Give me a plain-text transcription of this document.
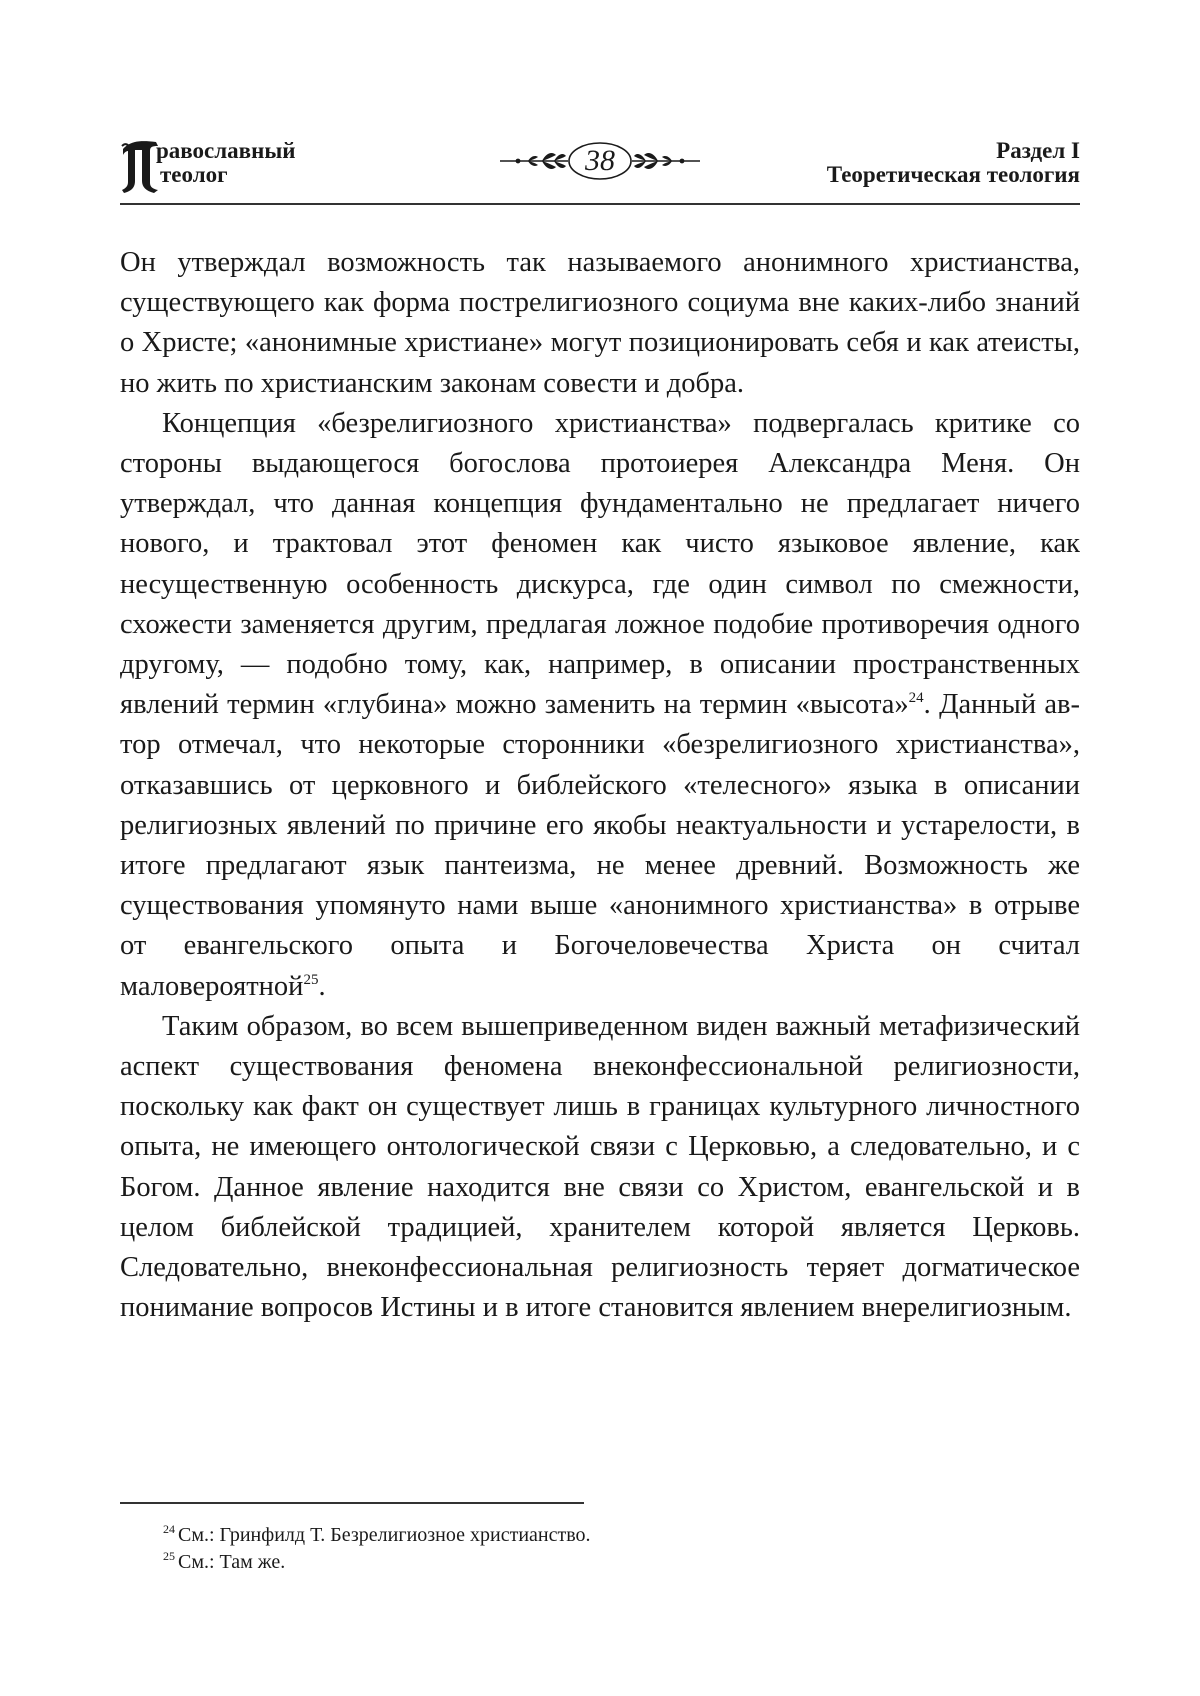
равославный
теолог	38	Раздел I
Теоретическая теология

Он утверждал возможность так называемого анонимного христианства, существующего как форма пострелигиозного социума вне каких-либо знаний о Христе; «анонимные христиане» могут позиционировать себя и как атеисты, но жить по христианским законам совести и добра.

Концепция «безрелигиозного христианства» подвергалась критике со стороны выдающегося богослова протоиерея Александра Меня. Он утверждал, что данная концепция фундаментально не предлагает ничего нового, и трактовал этот феномен как чисто языковое явление, как несущественную особенность дискурса, где один символ по смежности, схожести заменяется другим, предлагая ложное подобие противоречия одного другому, — подобно тому, как, например, в описании пространственных явлений термин «глубина» можно заменить на термин «высота»$^{24}$. Данный автор отмечал, что некоторые сторонники «безрелигиозного христианства», отказавшись от церковного и библейского «телесного» языка в описании религиозных явлений по причине его якобы неактуальности и устарелости, в итоге предлагают язык пантеизма, не менее древний. Возможность же существования упомянуто нами выше «анонимного христианства» в отрыве от евангельского опыта и Богочеловечества Христа он считал маловероятной$^{25}$.

Таким образом, во всем вышеприведенном виден важный метафизический аспект существования феномена внеконфессиональной религиозности, поскольку как факт он существует лишь в границах культурного личностного опыта, не имеющего онтологической связи с Церковью, а следовательно, и с Богом. Данное явление находится вне связи со Христом, евангельской и в целом библейской традицией, хранителем которой является Церковь. Следовательно, внеконфессиональная религиозность теряет догматическое понимание вопросов Истины и в итоге становится явлением внерелигиозным.

$^{24}$ См.: Гринфилд Т. Безрелигиозное христианство.

$^{25}$ См.: Там же.
